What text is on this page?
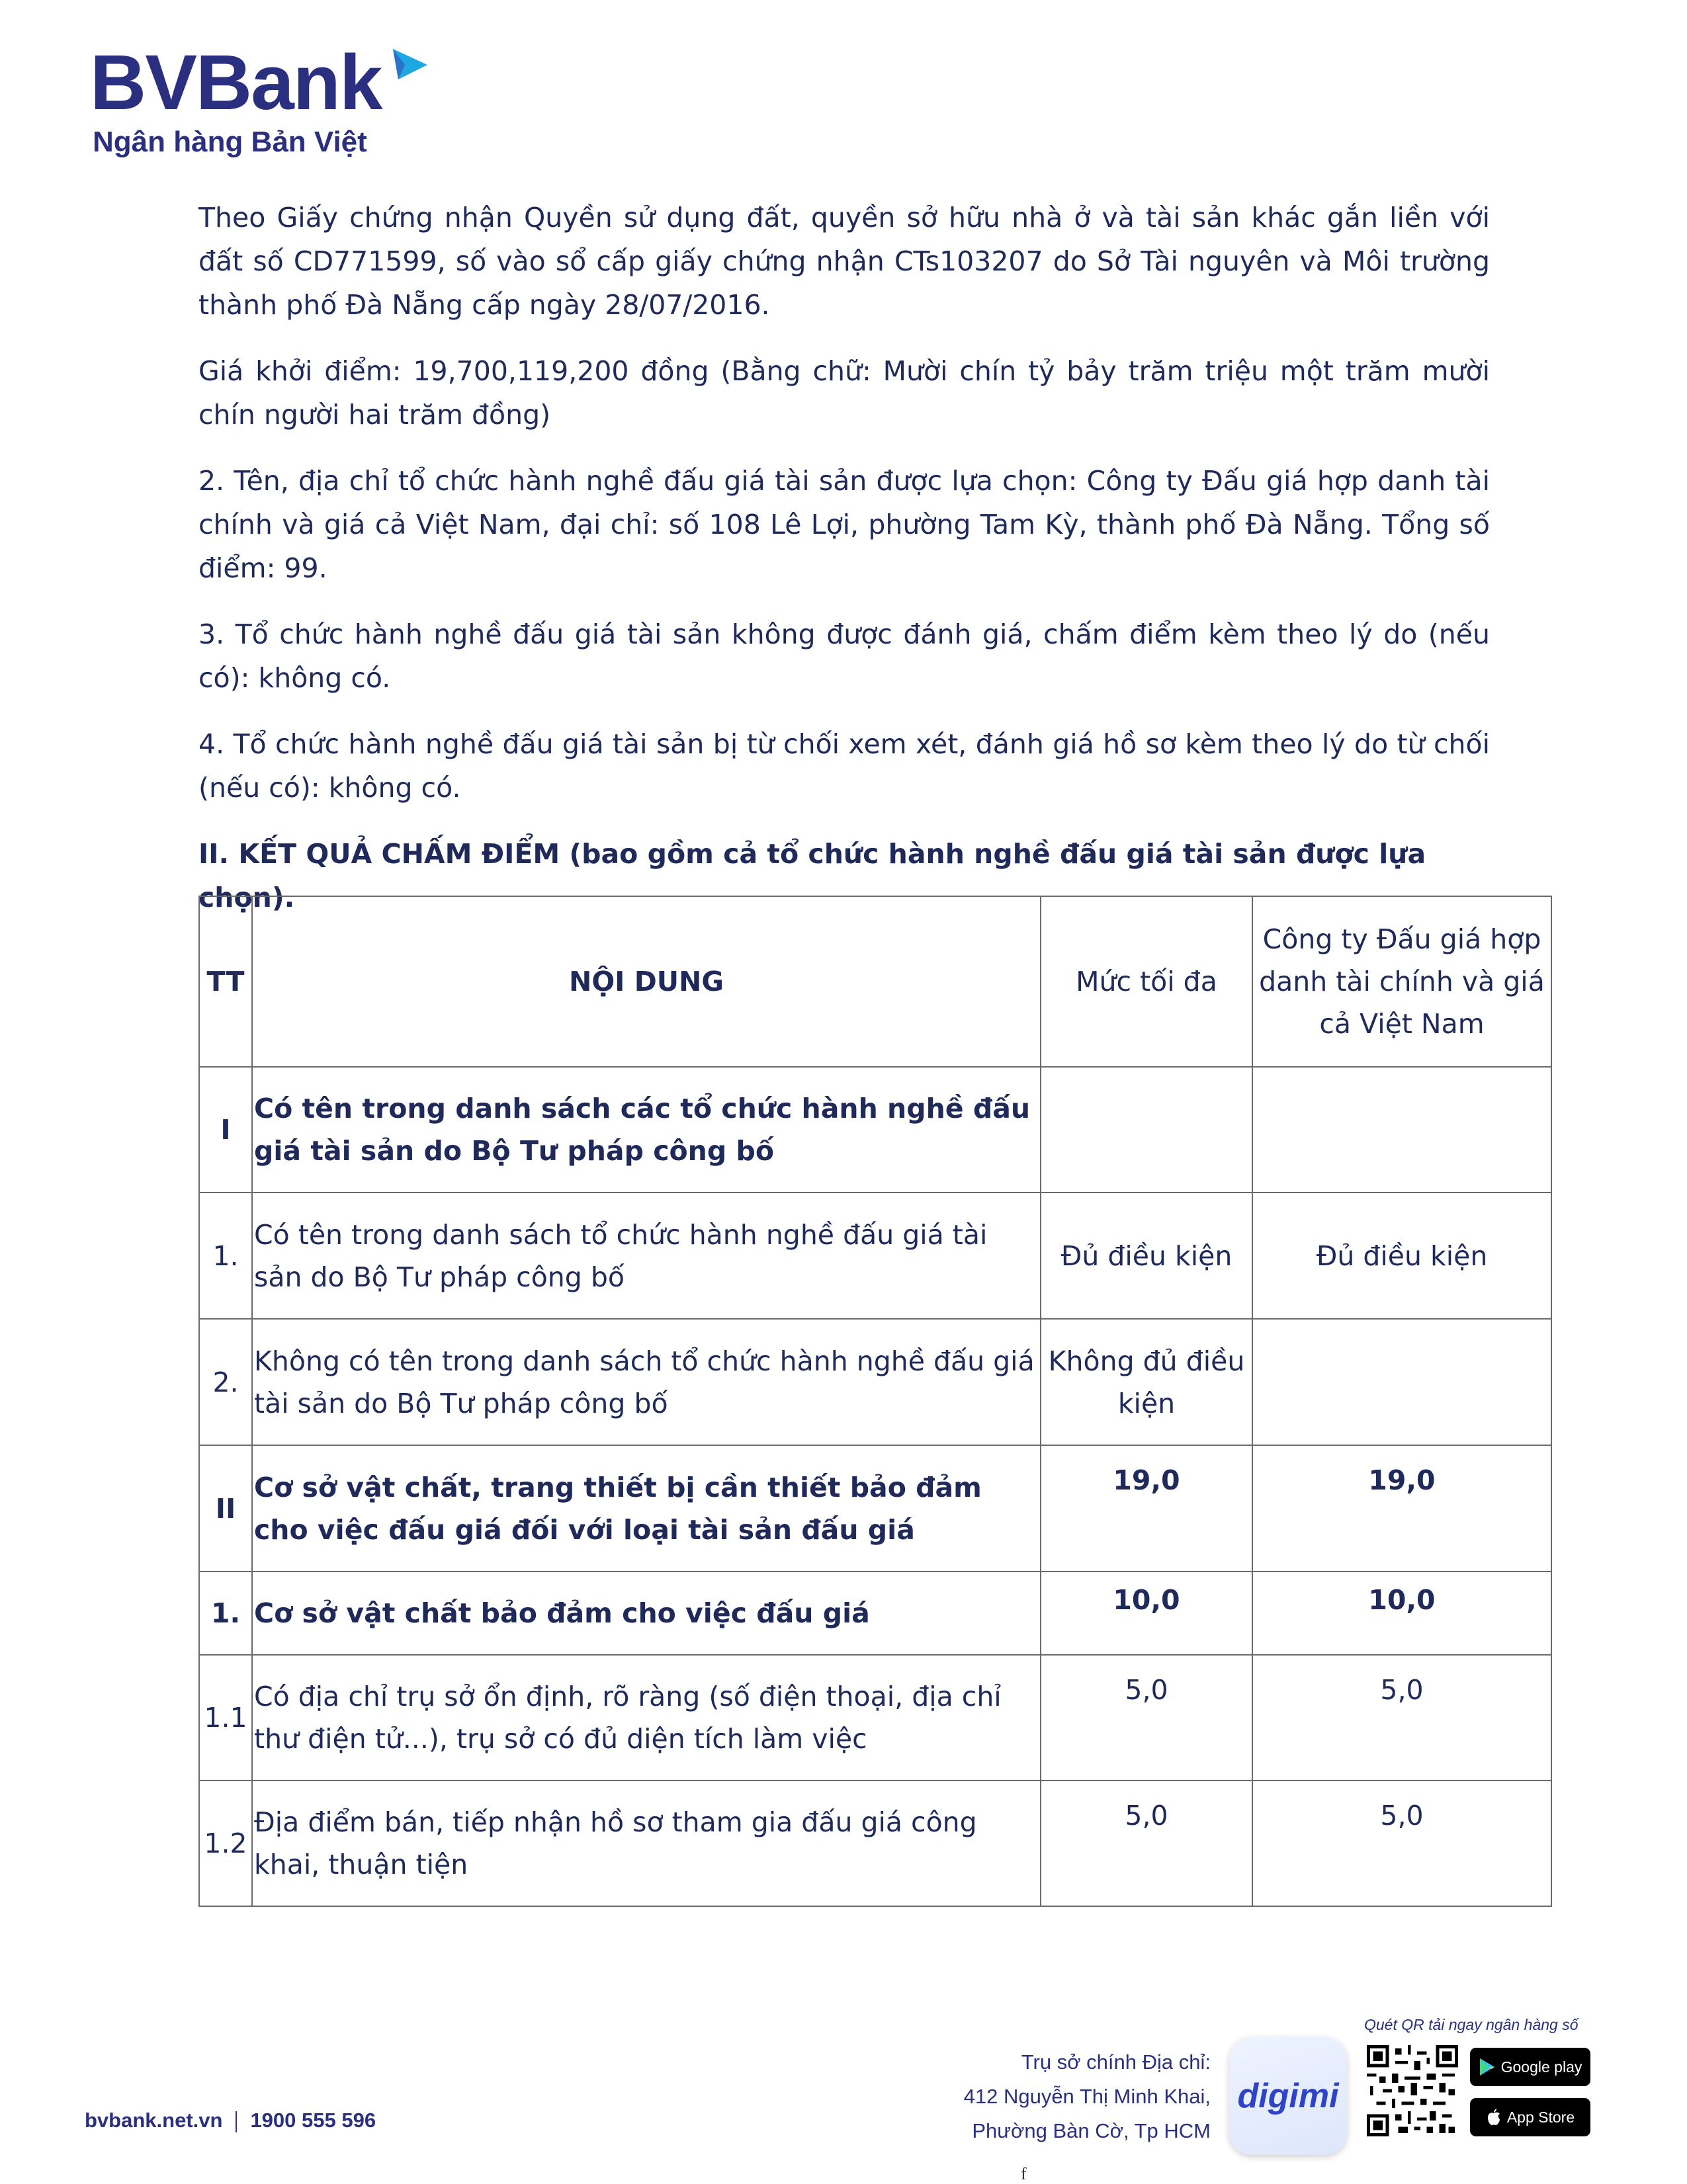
BVBank
Ngân hàng Bản Việt

Theo Giấy chứng nhận Quyền sử dụng đất, quyền sở hữu nhà ở và tài sản khác gắn liền với đất số CD771599, số vào sổ cấp giấy chứng nhận CTs103207 do Sở Tài nguyên và Môi trường thành phố Đà Nẵng cấp ngày 28/07/2016.

Giá khởi điểm: 19,700,119,200 đồng (Bằng chữ: Mười chín tỷ bảy trăm triệu một trăm mười chín người hai trăm đồng)

2. Tên, địa chỉ tổ chức hành nghề đấu giá tài sản được lựa chọn: Công ty Đấu giá hợp danh tài chính và giá cả Việt Nam, đại chỉ: số 108 Lê Lợi, phường Tam Kỳ, thành phố Đà Nẵng. Tổng số điểm: 99.

3. Tổ chức hành nghề đấu giá tài sản không được đánh giá, chấm điểm kèm theo lý do (nếu có): không có.

4. Tổ chức hành nghề đấu giá tài sản bị từ chối xem xét, đánh giá hồ sơ kèm theo lý do từ chối (nếu có): không có.

II. KẾT QUẢ CHẤM ĐIỂM (bao gồm cả tổ chức hành nghề đấu giá tài sản được lựa chọn).

TT	NỘI DUNG	Mức tối đa	Công ty Đấu giá hợp danh tài chính và giá cả Việt Nam
I	Có tên trong danh sách các tổ chức hành nghề đấu giá tài sản do Bộ Tư pháp công bố		
1.	Có tên trong danh sách tổ chức hành nghề đấu giá tài sản do Bộ Tư pháp công bố	Đủ điều kiện	Đủ điều kiện
2.	Không có tên trong danh sách tổ chức hành nghề đấu giá tài sản do Bộ Tư pháp công bố	Không đủ điều kiện	
II	Cơ sở vật chất, trang thiết bị cần thiết bảo đảm cho việc đấu giá đối với loại tài sản đấu giá	19,0	19,0
1.	Cơ sở vật chất bảo đảm cho việc đấu giá	10,0	10,0
1.1	Có địa chỉ trụ sở ổn định, rõ ràng (số điện thoại, địa chỉ thư điện tử...), trụ sở có đủ diện tích làm việc	5,0	5,0
1.2	Địa điểm bán, tiếp nhận hồ sơ tham gia đấu giá công khai, thuận tiện	5,0	5,0
bvbank.net.vn 1900 555 596
Trụ sở chính Địa chỉ:
412 Nguyễn Thị Minh Khai,
Phường Bàn Cờ, Tp HCM
digimi
Quét QR tải ngay ngân hàng số
Google play
App Store
f
